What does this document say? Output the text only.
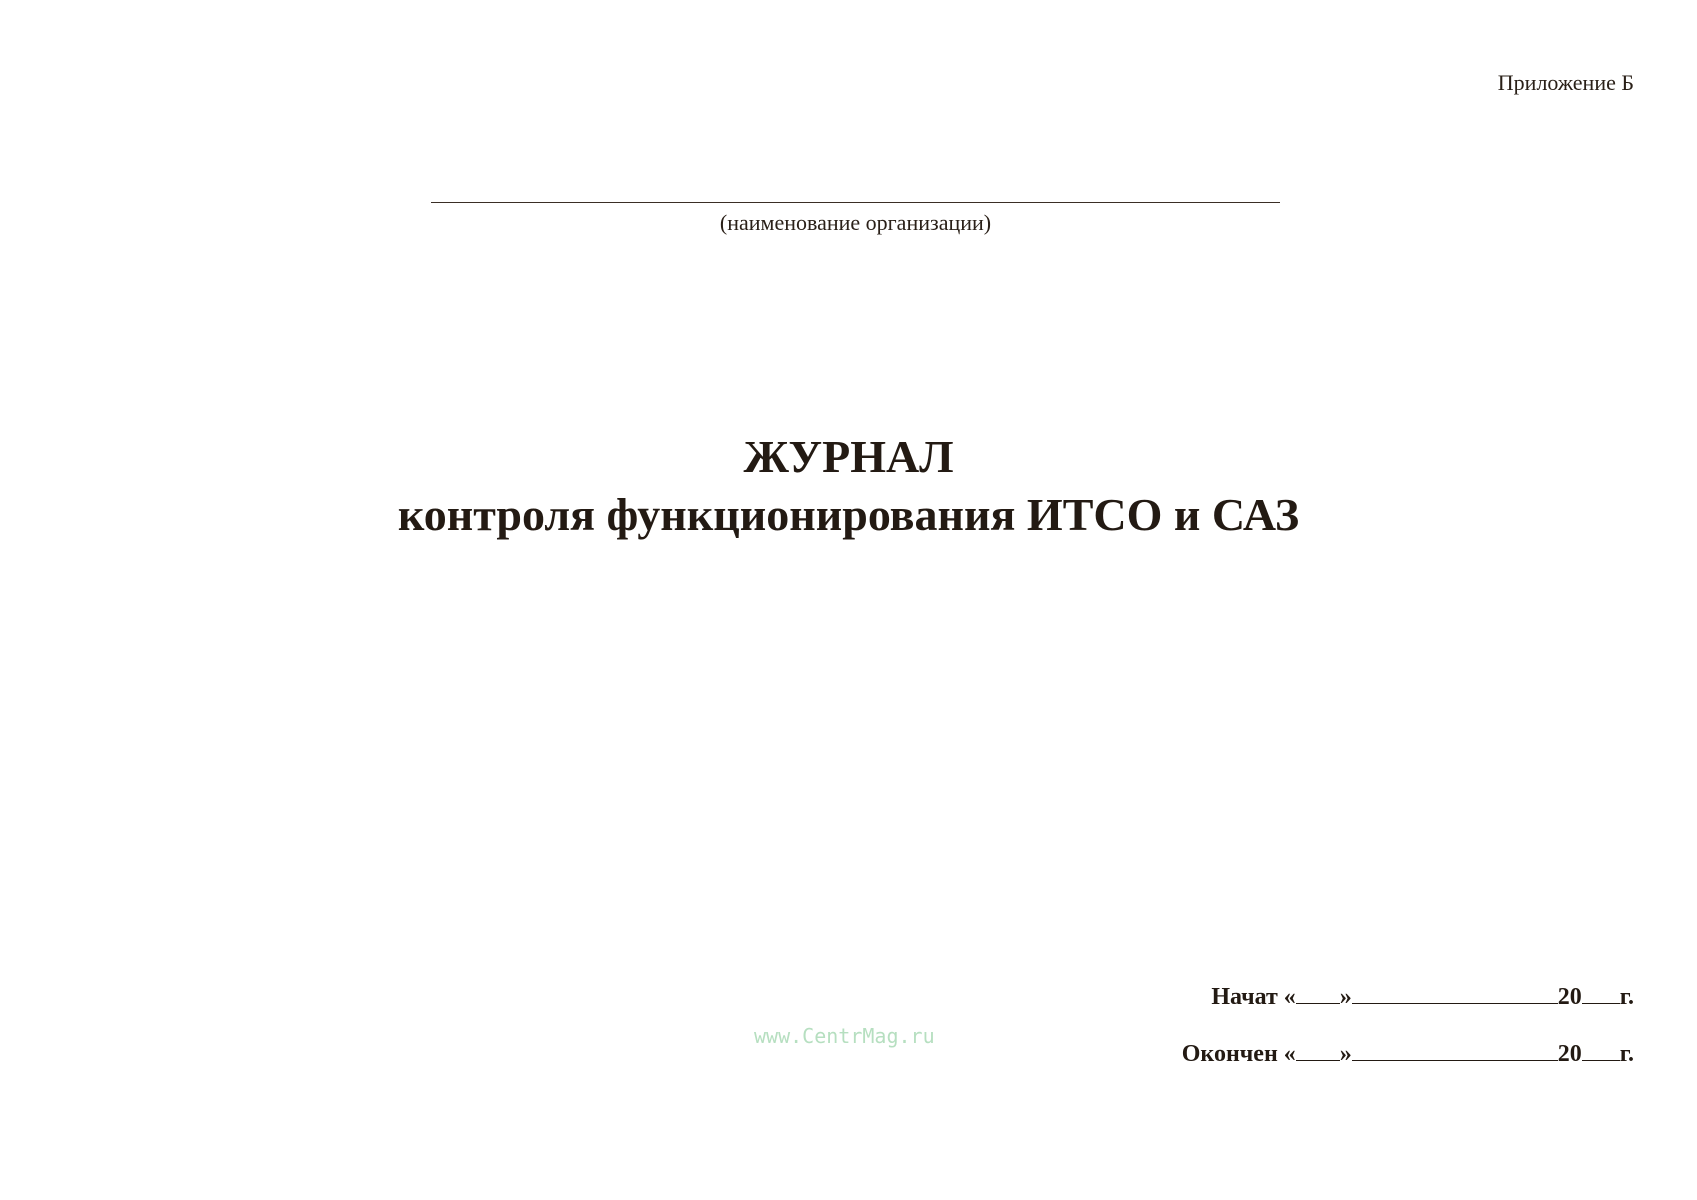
Приложение Б
(наименование организации)
ЖУРНАЛ
контроля функционирования ИТСО и САЗ
www.CentrMag.ru
Начат « »	20 г.
Окончен « »	20 г.
